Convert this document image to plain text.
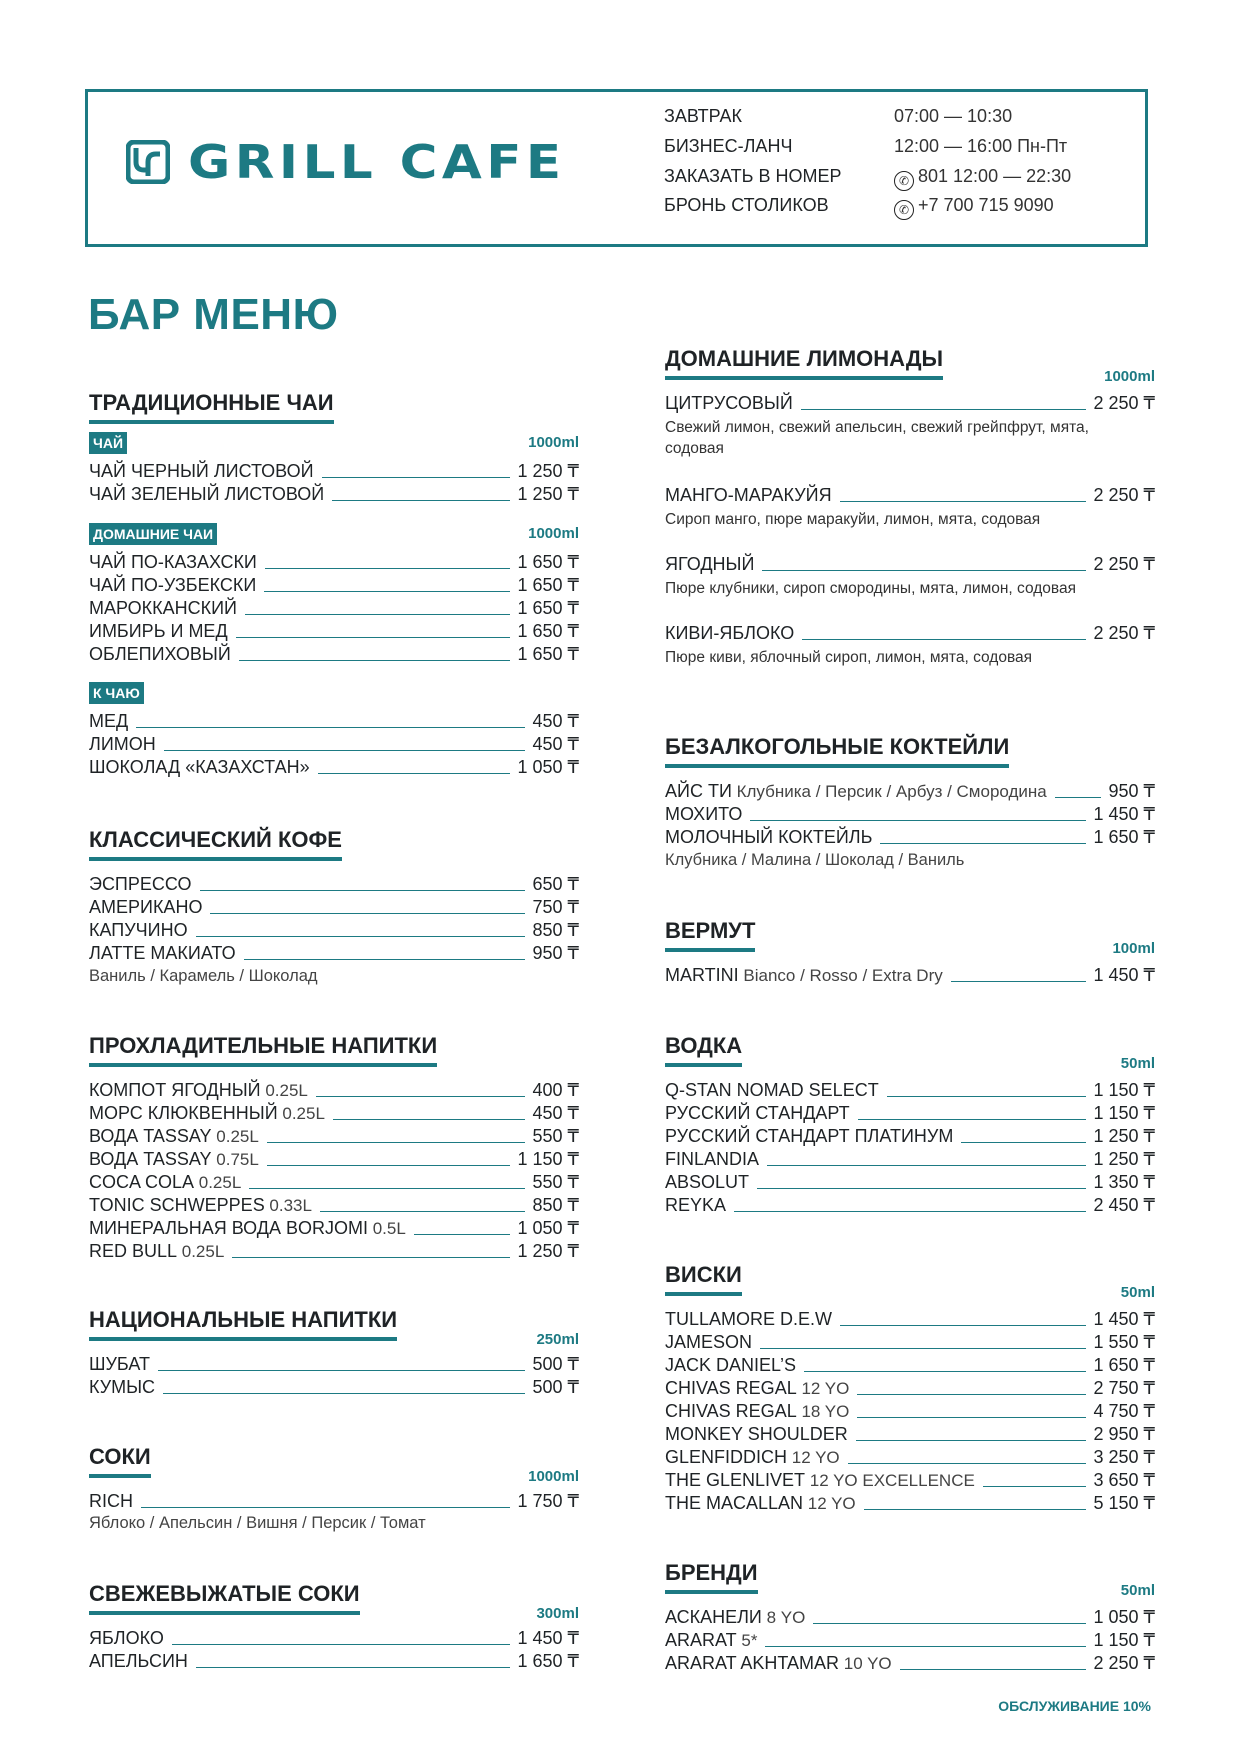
GRILL CAFE
ЗАВТРАК	07:00 — 10:30
БИЗНЕС-ЛАНЧ	12:00 — 16:00 Пн-Пт
ЗАКАЗАТЬ В НОМЕР	✆ 801 12:00 — 22:30
БРОНЬ СТОЛИКОВ	✆ +7 700 715 9090
БАР МЕНЮ
ТРАДИЦИОННЫЕ ЧАИ
ЧАЙ	1000ml
ЧАЙ ЧЕРНЫЙ ЛИСТОВОЙ	1 250 ₸
ЧАЙ ЗЕЛЕНЫЙ ЛИСТОВОЙ	1 250 ₸
ДОМАШНИЕ ЧАИ	1000ml
ЧАЙ ПО-КАЗАХСКИ	1 650 ₸
ЧАЙ ПО-УЗБЕКСКИ	1 650 ₸
МАРОККАНСКИЙ	1 650 ₸
ИМБИРЬ И МЕД	1 650 ₸
ОБЛЕПИХОВЫЙ	1 650 ₸
К ЧАЮ
МЕД	450 ₸
ЛИМОН	450 ₸
ШОКОЛАД «КАЗАХСТАН»	1 050 ₸
КЛАССИЧЕСКИЙ КОФЕ
ЭСПРЕССО	650 ₸
АМЕРИКАНО	750 ₸
КАПУЧИНО	850 ₸
ЛАТТЕ МАКИАТО	950 ₸
Ваниль / Карамель / Шоколад
ПРОХЛАДИТЕЛЬНЫЕ НАПИТКИ
КОМПОТ ЯГОДНЫЙ 0.25L	400 ₸
МОРС КЛЮКВЕННЫЙ 0.25L	450 ₸
ВОДА TASSAY 0.25L	550 ₸
ВОДА TASSAY 0.75L	1 150 ₸
COCA COLA 0.25L	550 ₸
TONIC SCHWEPPES 0.33L	850 ₸
МИНЕРАЛЬНАЯ ВОДА BORJOMI 0.5L	1 050 ₸
RED BULL 0.25L	1 250 ₸
НАЦИОНАЛЬНЫЕ НАПИТКИ
250ml
ШУБАТ	500 ₸
КУМЫС	500 ₸
СОКИ
1000ml
RICH	1 750 ₸
Яблоко / Апельсин / Вишня / Персик / Томат
СВЕЖЕВЫЖАТЫЕ СОКИ
300ml
ЯБЛОКО	1 450 ₸
АПЕЛЬСИН	1 650 ₸
ДОМАШНИЕ ЛИМОНАДЫ
1000ml
ЦИТРУСОВЫЙ	2 250 ₸
Свежий лимон, свежий апельсин, свежий грейпфрут, мята, содовая
МАНГО-МАРАКУЙЯ	2 250 ₸
Сироп манго, пюре маракуйи, лимон, мята, содовая
ЯГОДНЫЙ	2 250 ₸
Пюре клубники, сироп смородины, мята, лимон, содовая
КИВИ-ЯБЛОКО	2 250 ₸
Пюре киви, яблочный сироп, лимон, мята, содовая
БЕЗАЛКОГОЛЬНЫЕ КОКТЕЙЛИ
АЙС ТИ Клубника / Персик / Арбуз / Смородина	950 ₸
МОХИТО	1 450 ₸
МОЛОЧНЫЙ КОКТЕЙЛЬ	1 650 ₸
Клубника / Малина / Шоколад / Ваниль
ВЕРМУТ
100ml
MARTINI Bianco / Rosso / Extra Dry	1 450 ₸
ВОДКА
50ml
Q-STAN NOMAD SELECT	1 150 ₸
РУССКИЙ СТАНДАРТ	1 150 ₸
РУССКИЙ СТАНДАРТ ПЛАТИНУМ	1 250 ₸
FINLANDIA	1 250 ₸
ABSOLUT	1 350 ₸
REYKA	2 450 ₸
ВИСКИ
50ml
TULLAMORE D.E.W	1 450 ₸
JAMESON	1 550 ₸
JACK DANIEL’S	1 650 ₸
CHIVAS REGAL 12 YO	2 750 ₸
CHIVAS REGAL 18 YO	4 750 ₸
MONKEY SHOULDER	2 950 ₸
GLENFIDDICH 12 YO	3 250 ₸
THE GLENLIVET 12 YO EXCELLENCE	3 650 ₸
THE MACALLAN 12 YO	5 150 ₸
БРЕНДИ
50ml
АСКАНЕЛИ 8 YO	1 050 ₸
ARARAT 5*	1 150 ₸
ARARAT AKHTAMAR 10 YO	2 250 ₸
ОБСЛУЖИВАНИЕ 10%
